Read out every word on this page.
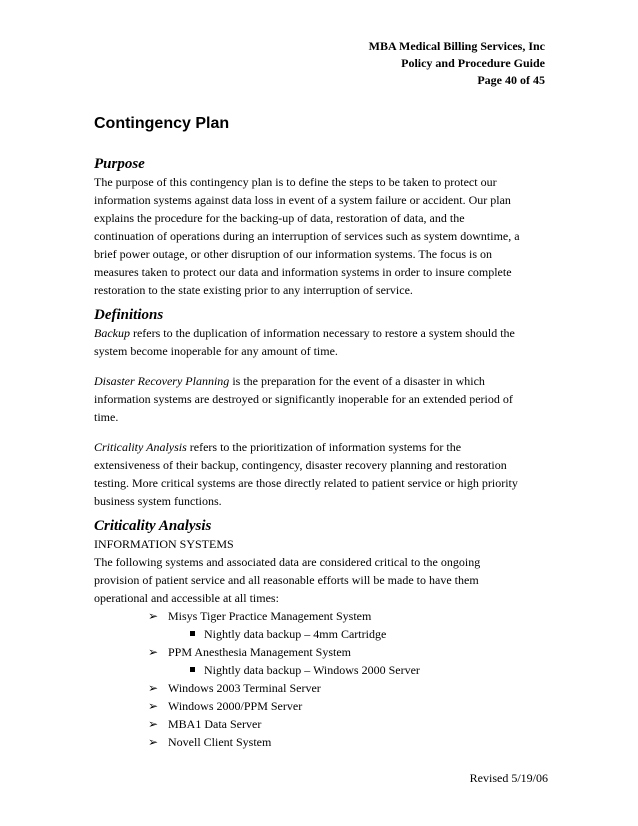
MBA Medical Billing Services, Inc
Policy and Procedure Guide
Page 40 of 45
Contingency Plan
Purpose
The purpose of this contingency plan is to define the steps to be taken to protect our
information systems against data loss in event of a system failure or accident. Our plan
explains the procedure for the backing-up of data, restoration of data, and the
continuation of operations during an interruption of services such as system downtime, a
brief power outage, or other disruption of our information systems. The focus is on
measures taken to protect our data and information systems in order to insure complete
restoration to the state existing prior to any interruption of service.
Definitions
Backup refers to the duplication of information necessary to restore a system should the
system become inoperable for any amount of time.
Disaster Recovery Planning is the preparation for the event of a disaster in which
information systems are destroyed or significantly inoperable for an extended period of
time.
Criticality Analysis refers to the prioritization of information systems for the
extensiveness of their backup, contingency, disaster recovery planning and restoration
testing. More critical systems are those directly related to patient service or high priority
business system functions.
Criticality Analysis
INFORMATION SYSTEMS
The following systems and associated data are considered critical to the ongoing
provision of patient service and all reasonable efforts will be made to have them
operational and accessible at all times:
➢ Misys Tiger Practice Management System
Nightly data backup – 4mm Cartridge
➢ PPM Anesthesia Management System
Nightly data backup – Windows 2000 Server
➢ Windows 2003 Terminal Server
➢ Windows 2000/PPM Server
➢ MBA1 Data Server
➢ Novell Client System
Revised 5/19/06
